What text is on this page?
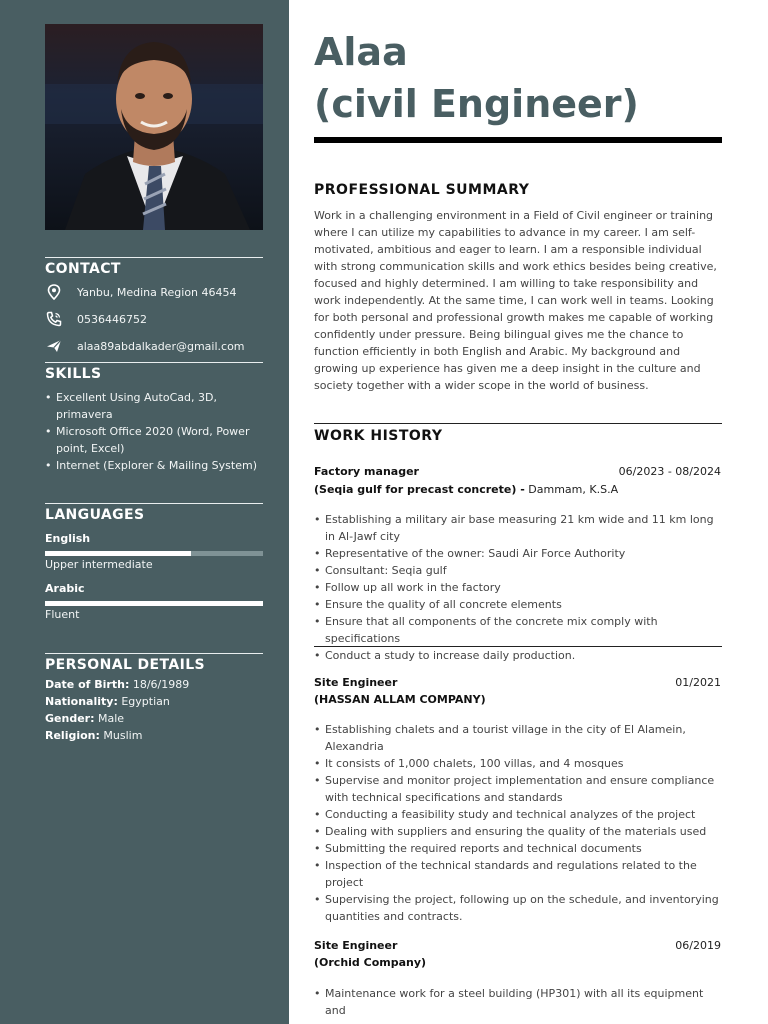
CONTACT
Yanbu, Medina Region 46454
0536446752
alaa89abdalkader@gmail.com
SKILLS
• Excellent Using AutoCad, 3D, primavera
• Microsoft Office 2020 (Word, Power point, Excel)
• Internet (Explorer & Mailing System)
LANGUAGES
English
Upper intermediate
Arabic
Fluent
PERSONAL DETAILS
Date of Birth: 18/6/1989
Nationality: Egyptian
Gender: Male
Religion: Muslim
Alaa
(civil Engineer)
PROFESSIONAL SUMMARY

Work in a challenging environment in a Field of Civil engineer or training where I can utilize my capabilities to advance in my career. I am self-motivated, ambitious and eager to learn. I am a responsible individual with strong communication skills and work ethics besides being creative, focused and highly determined. I am willing to take responsibility and work independently. At the same time, I can work well in teams. Looking for both personal and professional growth makes me capable of working confidently under pressure. Being bilingual gives me the chance to function efficiently in both English and Arabic. My background and growing up experience has given me a deep insight in the culture and society together with a wider scope in the world of business.

WORK HISTORY
Factory manager	06/2023 - 08/2024
(Seqia gulf for precast concrete) - Dammam, K.S.A
• Establishing a military air base measuring 21 km wide and 11 km long in Al-Jawf city
• Representative of the owner: Saudi Air Force Authority
• Consultant: Seqia gulf
• Follow up all work in the factory
• Ensure the quality of all concrete elements
• Ensure that all components of the concrete mix comply with specifications
• Conduct a study to increase daily production.
Site Engineer	01/2021
(HASSAN ALLAM COMPANY)
• Establishing chalets and a tourist village in the city of El Alamein, Alexandria
• It consists of 1,000 chalets, 100 villas, and 4 mosques
• Supervise and monitor project implementation and ensure compliance with technical specifications and standards
• Conducting a feasibility study and technical analyzes of the project
• Dealing with suppliers and ensuring the quality of the materials used
• Submitting the required reports and technical documents
• Inspection of the technical standards and regulations related to the project
• Supervising the project, following up on the schedule, and inventorying quantities and contracts.
Site Engineer	06/2019
(Orchid Company)
• Maintenance work for a steel building (HP301) with all its equipment and
